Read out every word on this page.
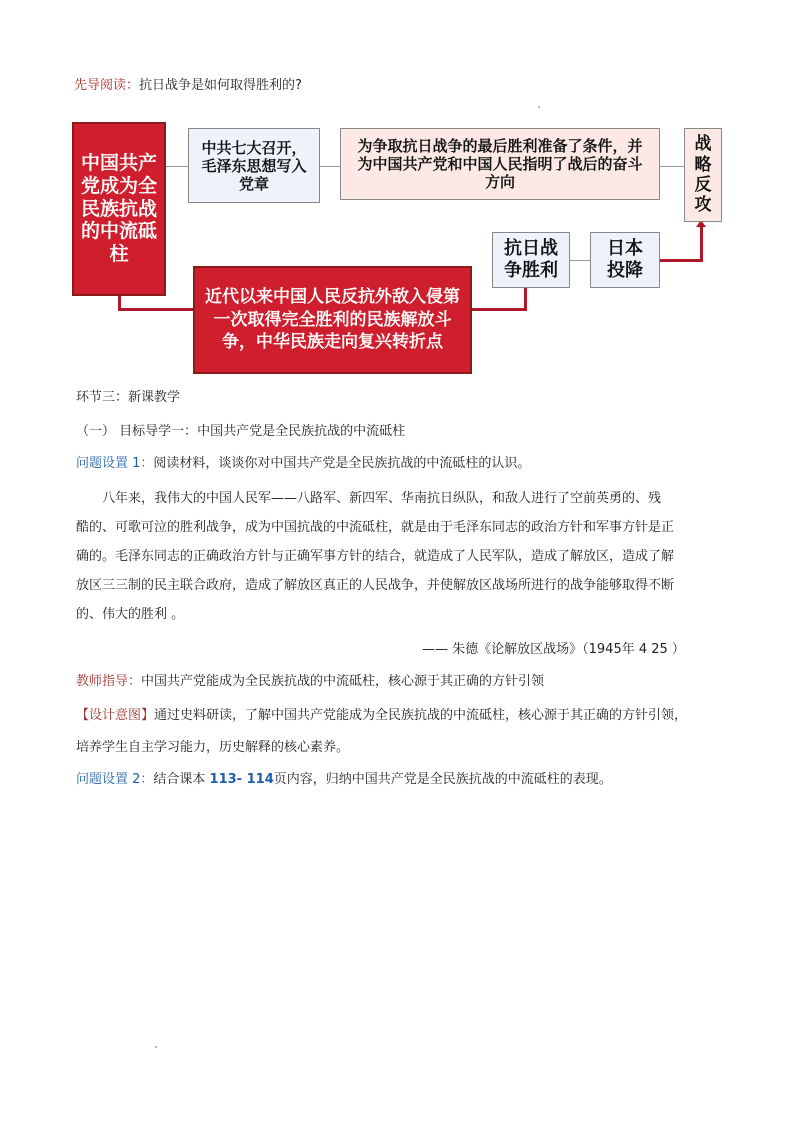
先导阅读：抗日战争是如何取得胜利的?
中国共产党成为全民族抗战的中流砥柱
中共七大召开，毛泽东思想写入党章
为争取抗日战争的最后胜利准备了条件，并为中国共产党和中国人民指明了战后的奋斗方向
战略反攻
日本投降
抗日战争胜利
近代以来中国人民反抗外敌入侵第一次取得完全胜利的民族解放斗争，中华民族走向复兴转折点
环节三：新课教学
（一） 目标导学一：中国共产党是全民族抗战的中流砥柱
问题设置 1：阅读材料，谈谈你对中国共产党是全民族抗战的中流砥柱的认识。
八年来，我伟大的中国人民军——八路军、新四军、华南抗日纵队，和敌人进行了空前英勇的、残
酷的、可歌可泣的胜利战争，成为中国抗战的中流砥柱，就是由于毛泽东同志的政治方针和军事方针是正
确的。毛泽东同志的正确政治方针与正确军事方针的结合，就造成了人民军队，造成了解放区，造成了解
放区三三制的民主联合政府，造成了解放区真正的人民战争，并使解放区战场所进行的战争能够取得不断
的、伟大的胜利 。
—— 朱德《论解放区战场》（1945年 4 25 ）
教师指导：中国共产党能成为全民族抗战的中流砥柱，核心源于其正确的方针引领
【设计意图】通过史料研读，了解中国共产党能成为全民族抗战的中流砥柱，核心源于其正确的方针引领，
培养学生自主学习能力，历史解释的核心素养。
问题设置 2：结合课本 113- 114页内容，归纳中国共产党是全民族抗战的中流砥柱的表现。
